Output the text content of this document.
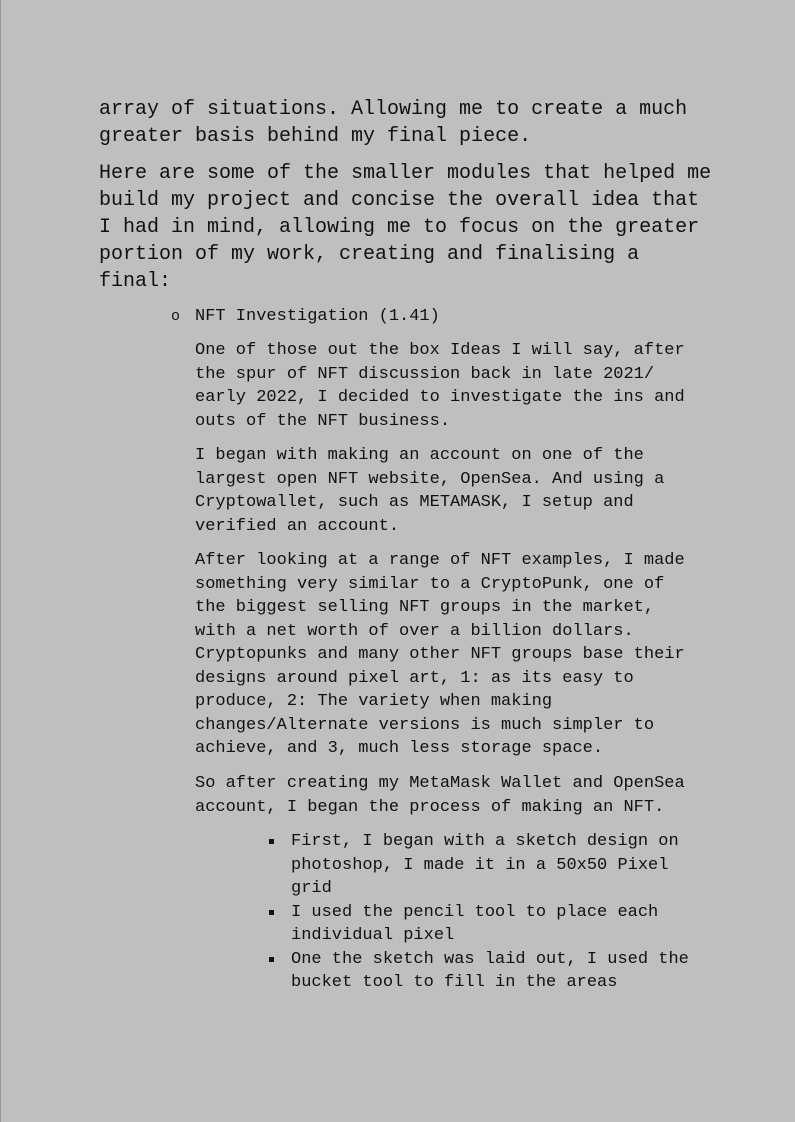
array of situations. Allowing me to create a much
greater basis behind my final piece.

Here are some of the smaller modules that helped me
build my project and concise the overall idea that
I had in mind, allowing me to focus on the greater
portion of my work, creating and finalising a
final:

o NFT Investigation (1.41)

One of those out the box Ideas I will say, after
the spur of NFT discussion back in late 2021/
early 2022, I decided to investigate the ins and
outs of the NFT business.

I began with making an account on one of the
largest open NFT website, OpenSea. And using a
Cryptowallet, such as METAMASK, I setup and
verified an account.

After looking at a range of NFT examples, I made
something very similar to a CryptoPunk, one of
the biggest selling NFT groups in the market,
with a net worth of over a billion dollars.
Cryptopunks and many other NFT groups base their
designs around pixel art, 1: as its easy to
produce, 2: The variety when making
changes/Alternate versions is much simpler to
achieve, and 3, much less storage space.

So after creating my MetaMask Wallet and OpenSea
account, I began the process of making an NFT.

First, I began with a sketch design on
photoshop, I made it in a 50x50 Pixel
grid
I used the pencil tool to place each
individual pixel
One the sketch was laid out, I used the
bucket tool to fill in the areas
